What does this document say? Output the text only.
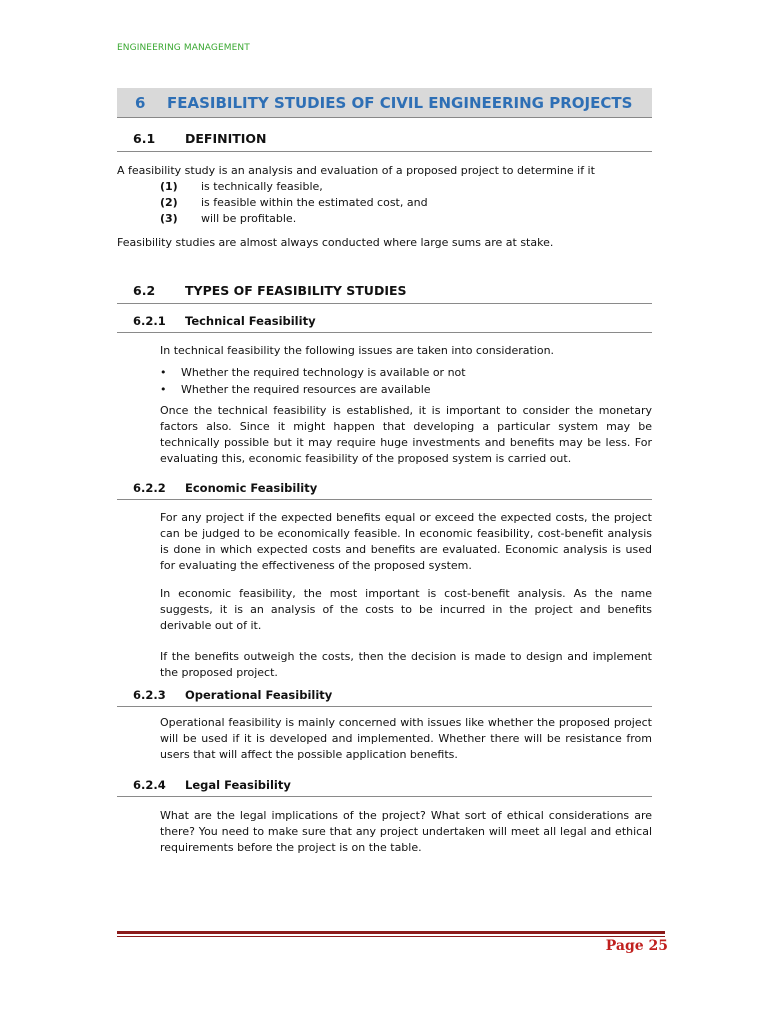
ENGINEERING MANAGEMENT
6 FEASIBILITY STUDIES OF CIVIL ENGINEERING PROJECTS
6.1 DEFINITION
A feasibility study is an analysis and evaluation of a proposed project to determine if it
(1)	is technically feasible,
(2)	is feasible within the estimated cost, and
(3)	will be profitable.
Feasibility studies are almost always conducted where large sums are at stake.
6.2 TYPES OF FEASIBILITY STUDIES
6.2.1 Technical Feasibility
In technical feasibility the following issues are taken into consideration.
•	Whether the required technology is available or not
•	Whether the required resources are available
Once the technical feasibility is established, it is important to consider the monetary factors also. Since it might happen that developing a particular system may be technically possible but it may require huge investments and benefits may be less. For evaluating this, economic feasibility of the proposed system is carried out.
6.2.2 Economic Feasibility
For any project if the expected benefits equal or exceed the expected costs, the project can be judged to be economically feasible. In economic feasibility, cost-benefit analysis is done in which expected costs and benefits are evaluated. Economic analysis is used for evaluating the effectiveness of the proposed system.
In economic feasibility, the most important is cost-benefit analysis. As the name suggests, it is an analysis of the costs to be incurred in the project and benefits derivable out of it.
If the benefits outweigh the costs, then the decision is made to design and implement the proposed project.
6.2.3 Operational Feasibility
Operational feasibility is mainly concerned with issues like whether the proposed project will be used if it is developed and implemented. Whether there will be resistance from users that will affect the possible application benefits.
6.2.4 Legal Feasibility
What are the legal implications of the project? What sort of ethical considerations are there? You need to make sure that any project undertaken will meet all legal and ethical requirements before the project is on the table.
Page 25
